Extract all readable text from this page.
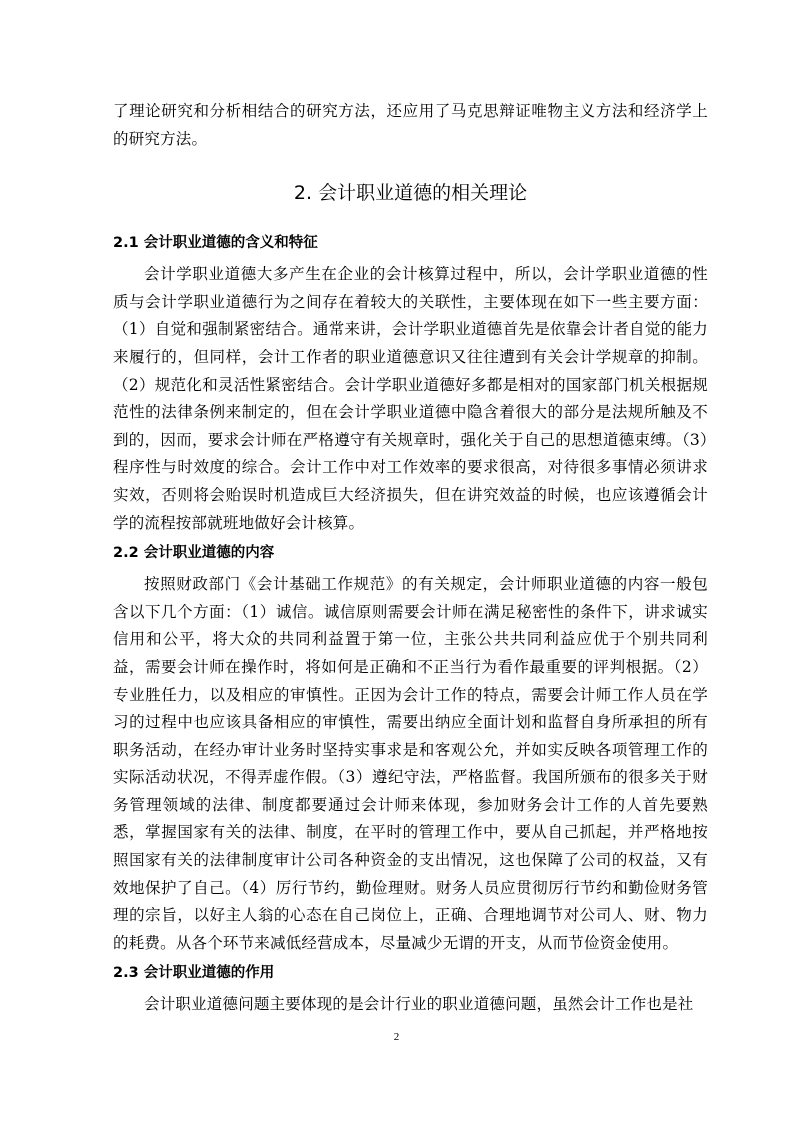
了理论研究和分析相结合的研究方法，还应用了马克思辩证唯物主义方法和经济学上的研究方法。

2. 会计职业道德的相关理论
2.1 会计职业道德的含义和特征

会计学职业道德大多产生在企业的会计核算过程中，所以，会计学职业道德的性质与会计学职业道德行为之间存在着较大的关联性，主要体现在如下一些主要方面：（1）自觉和强制紧密结合。通常来讲，会计学职业道德首先是依靠会计者自觉的能力来履行的，但同样，会计工作者的职业道德意识又往往遭到有关会计学规章的抑制。（2）规范化和灵活性紧密结合。会计学职业道德好多都是相对的国家部门机关根据规范性的法律条例来制定的，但在会计学职业道德中隐含着很大的部分是法规所触及不到的，因而，要求会计师在严格遵守有关规章时，强化关于自己的思想道德束缚。（3）程序性与时效度的综合。会计工作中对工作效率的要求很高，对待很多事情必须讲求实效，否则将会贻误时机造成巨大经济损失，但在讲究效益的时候，也应该遵循会计学的流程按部就班地做好会计核算。

2.2 会计职业道德的内容

按照财政部门《会计基础工作规范》的有关规定，会计师职业道德的内容一般包含以下几个方面：（1）诚信。诚信原则需要会计师在满足秘密性的条件下，讲求诚实信用和公平，将大众的共同利益置于第一位，主张公共共同利益应优于个别共同利益，需要会计师在操作时，将如何是正确和不正当行为看作最重要的评判根据。（2）专业胜任力，以及相应的审慎性。正因为会计工作的特点，需要会计师工作人员在学习的过程中也应该具备相应的审慎性，需要出纳应全面计划和监督自身所承担的所有职务活动，在经办审计业务时坚持实事求是和客观公允，并如实反映各项管理工作的实际活动状况，不得弄虚作假。（3）遵纪守法，严格监督。我国所颁布的很多关于财务管理领域的法律、制度都要通过会计师来体现，参加财务会计工作的人首先要熟悉，掌握国家有关的法律、制度，在平时的管理工作中，要从自己抓起，并严格地按照国家有关的法律制度审计公司各种资金的支出情况，这也保障了公司的权益，又有效地保护了自己。（4）厉行节约，勤俭理财。财务人员应贯彻厉行节约和勤俭财务管理的宗旨，以好主人翁的心态在自己岗位上，正确、合理地调节对公司人、财、物力的耗费。从各个环节来减低经营成本，尽量减少无谓的开支，从而节俭资金使用。

2.3 会计职业道德的作用

会计职业道德问题主要体现的是会计行业的职业道德问题，虽然会计工作也是社

2
